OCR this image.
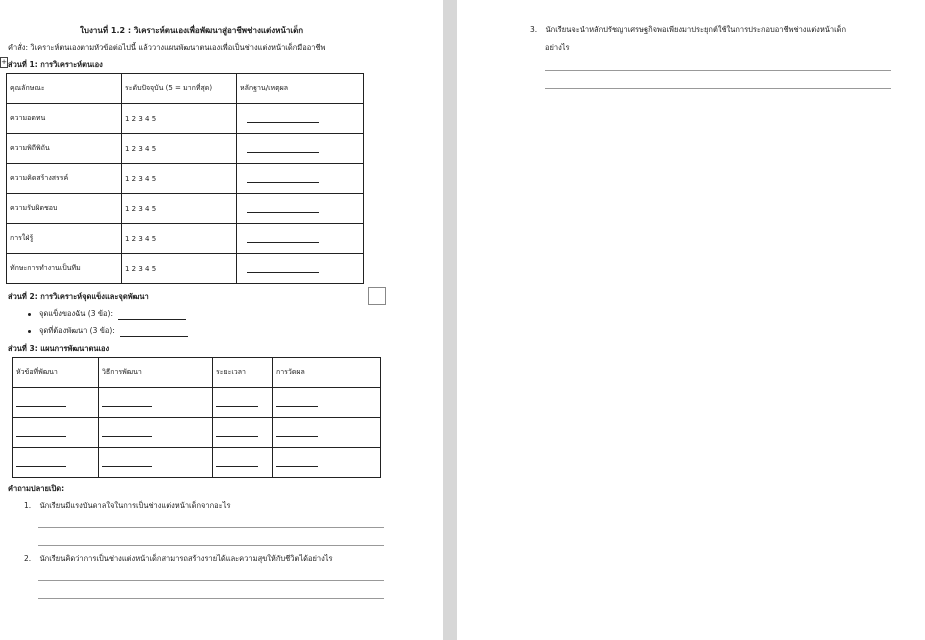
ใบงานที่ 1.2 : วิเคราะห์ตนเองเพื่อพัฒนาสู่อาชีพช่างแต่งหน้าเด็ก
คำสั่ง: วิเคราะห์ตนเองตามหัวข้อต่อไปนี้ แล้ววางแผนพัฒนาตนเองเพื่อเป็นช่างแต่งหน้าเด็กมืออาชีพ
+ ส่วนที่ 1: การวิเคราะห์ตนเอง
คุณลักษณะ	ระดับปัจจุบัน (5 = มากที่สุด)	หลักฐาน/เหตุผล
ความอดทน	1 2 3 4 5	
ความพิถีพิถัน	1 2 3 4 5	
ความคิดสร้างสรรค์	1 2 3 4 5	
ความรับผิดชอบ	1 2 3 4 5	
การใฝ่รู้	1 2 3 4 5	
ทักษะการทำงานเป็นทีม	1 2 3 4 5	
ส่วนที่ 2: การวิเคราะห์จุดแข็งและจุดพัฒนา
จุดแข็งของฉัน (3 ข้อ):
จุดที่ต้องพัฒนา (3 ข้อ):
ส่วนที่ 3: แผนการพัฒนาตนเอง
หัวข้อที่พัฒนา	วิธีการพัฒนา	ระยะเวลา	การวัดผล

คำถามปลายเปิด:
1. นักเรียนมีแรงบันดาลใจในการเป็นช่างแต่งหน้าเด็กจากอะไร
2. นักเรียนคิดว่าการเป็นช่างแต่งหน้าเด็กสามารถสร้างรายได้และความสุขให้กับชีวิตได้อย่างไร
3. นักเรียนจะนำหลักปรัชญาเศรษฐกิจพอเพียงมาประยุกต์ใช้ในการประกอบอาชีพช่างแต่งหน้าเด็ก
อย่างไร
